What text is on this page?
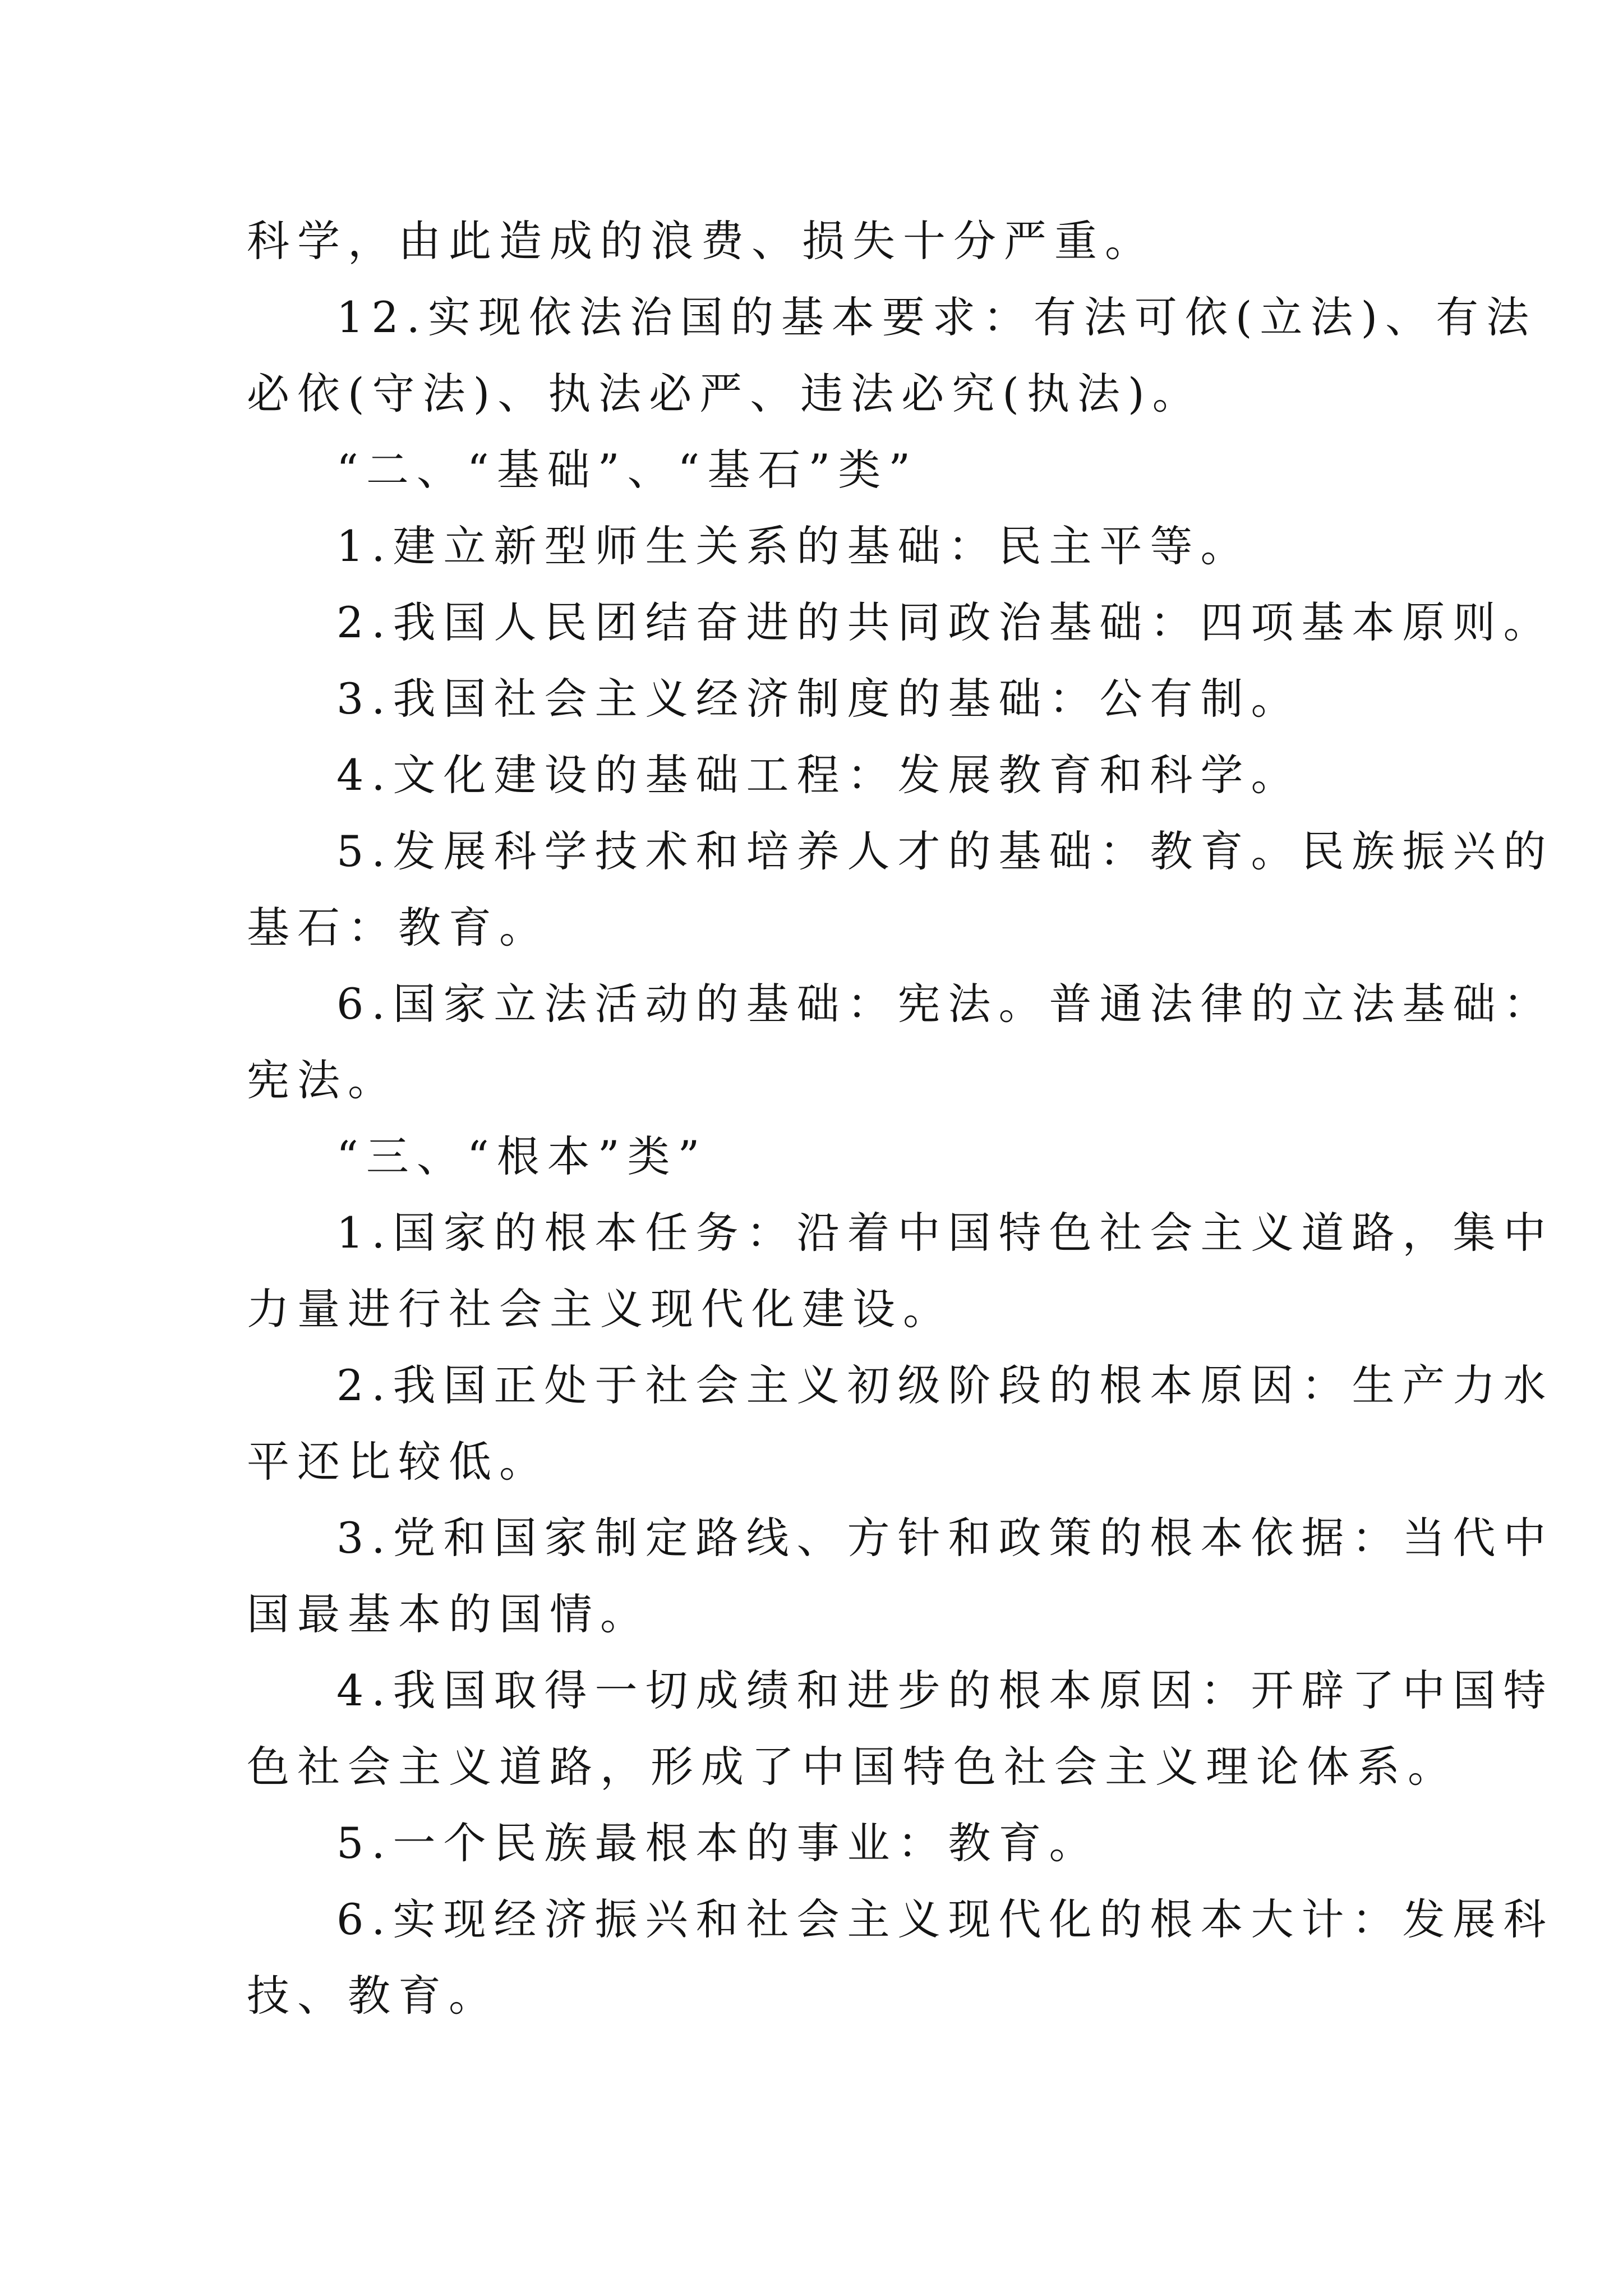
科学，由此造成的浪费、损失十分严重。
12.实现依法治国的基本要求：有法可依(立法)、有法
必依(守法)、执法必严、违法必究(执法)。
“二、“基础”、“基石”类”
1.建立新型师生关系的基础：民主平等。
2.我国人民团结奋进的共同政治基础：四项基本原则。
3.我国社会主义经济制度的基础：公有制。
4.文化建设的基础工程：发展教育和科学。
5.发展科学技术和培养人才的基础：教育。民族振兴的
基石：教育。
6.国家立法活动的基础：宪法。普通法律的立法基础：
宪法。
“三、“根本”类”
1.国家的根本任务：沿着中国特色社会主义道路，集中
力量进行社会主义现代化建设。
2.我国正处于社会主义初级阶段的根本原因：生产力水
平还比较低。
3.党和国家制定路线、方针和政策的根本依据：当代中
国最基本的国情。
4.我国取得一切成绩和进步的根本原因：开辟了中国特
色社会主义道路，形成了中国特色社会主义理论体系。
5.一个民族最根本的事业：教育。
6.实现经济振兴和社会主义现代化的根本大计：发展科
技、教育。
